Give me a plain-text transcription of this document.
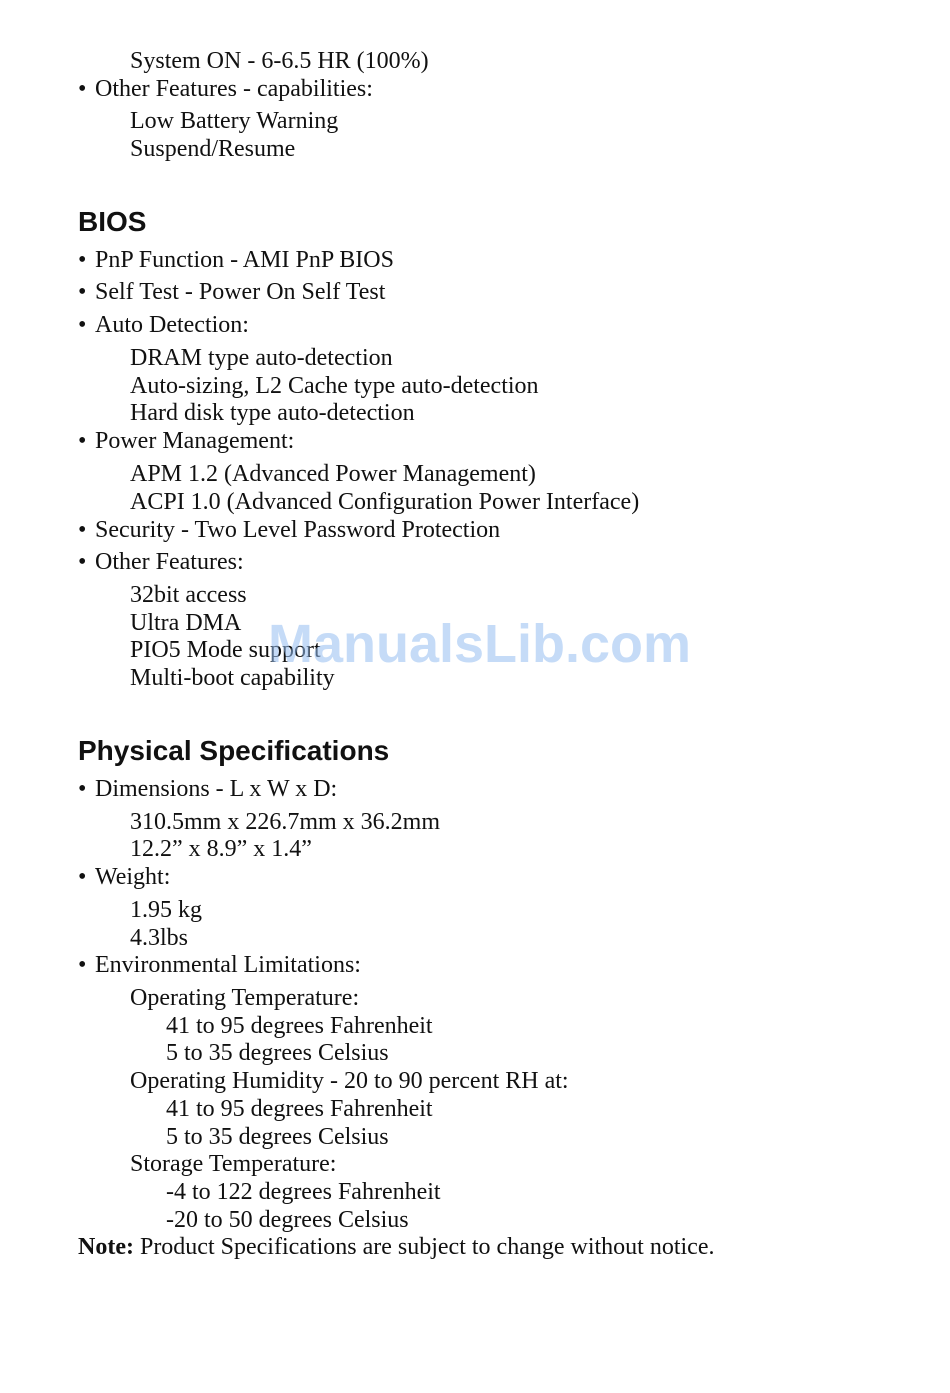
System ON - 6-6.5 HR (100%)
• Other Features - capabilities:
Low Battery Warning
Suspend/Resume
BIOS
• PnP Function - AMI PnP BIOS
• Self Test - Power On Self Test
• Auto Detection:
DRAM type auto-detection
Auto-sizing, L2 Cache type auto-detection
Hard disk type auto-detection
• Power Management:
APM 1.2 (Advanced Power Management)
ACPI 1.0 (Advanced Configuration Power Interface)
• Security - Two Level Password Protection
• Other Features:
32bit access
Ultra DMA
PIO5 Mode support
Multi-boot capability
Physical Specifications
• Dimensions - L x W x D:
310.5mm x 226.7mm x 36.2mm
12.2” x 8.9” x 1.4”
• Weight:
1.95 kg
4.3lbs
• Environmental Limitations:
Operating Temperature:
41 to 95 degrees Fahrenheit
5 to 35 degrees Celsius
Operating Humidity - 20 to 90 percent RH at:
41 to 95 degrees Fahrenheit
5 to 35 degrees Celsius
Storage Temperature:
-4 to 122 degrees Fahrenheit
-20 to 50 degrees Celsius
Note: Product Specifications are subject to change without notice.
ManualsLib.com
